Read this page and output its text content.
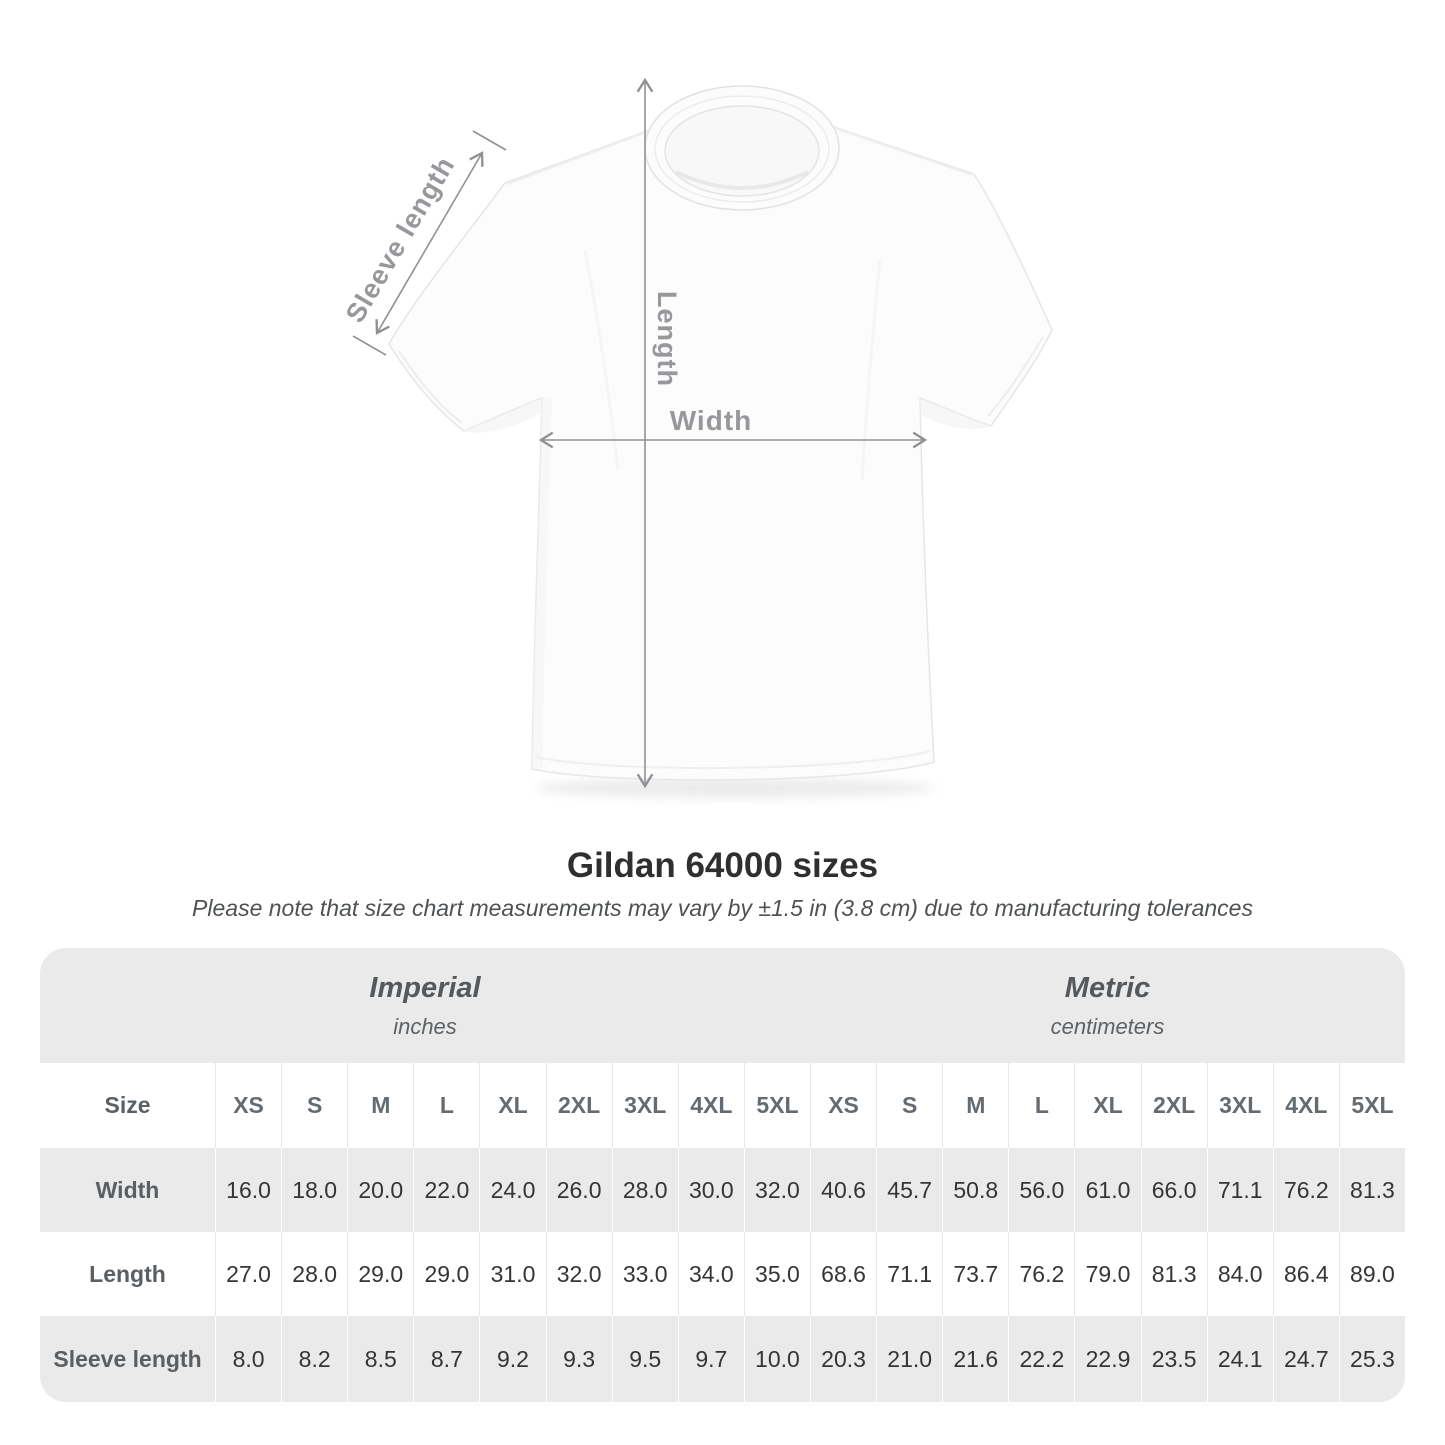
Width
Length
Sleeve length
Gildan 64000 sizes
Please note that size chart measurements may vary by ±1.5 in (3.8 cm) due to manufacturing tolerances
Imperial
inches
Metric
centimeters
Size	XS	S	M	L	XL	2XL	3XL	4XL	5XL	XS	S	M	L	XL	2XL	3XL	4XL	5XL
Width	16.0 18.0 20.0 22.0 24.0 26.0 28.0 30.0 32.0 40.6 45.7 50.8 56.0 61.0 66.0 71.1 76.2 81.3
Length	27.0 28.0 29.0 29.0 31.0 32.0 33.0 34.0 35.0 68.6 71.1 73.7 76.2 79.0 81.3 84.0 86.4 89.0
Sleeve length	8.0	8.2	8.5	8.7	9.2	9.3	9.5	9.7	10.0 20.3 21.0 21.6 22.2 22.9 23.5 24.1 24.7 25.3
